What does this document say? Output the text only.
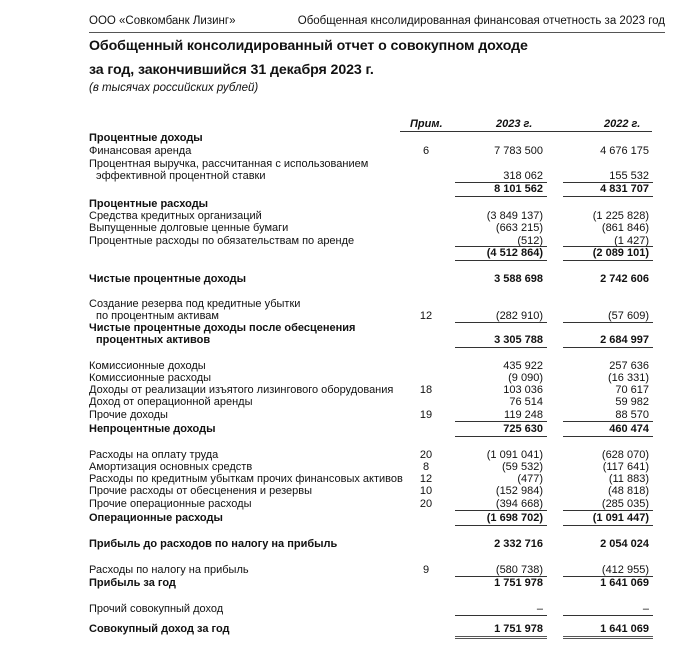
ООО «Совкомбанк Лизинг»	Обобщенная кнсолидированная финансовая отчетность за 2023 год
Обобщенный консолидированный отчет о совокупном доходе
за год, закончившийся 31 декабря 2023 г.
(в тысячах российских рублей)
Прим.	2023 г.	2022 г.
Процентные доходы
Финансовая аренда	6	7 783 500	4 676 175
Процентная выручка, рассчитанная с использованием
эффективной процентной ставки	318 062	155 532
8 101 562	4 831 707
Процентные расходы
Средства кредитных организаций	(3 849 137)	(1 225 828)
Выпущенные долговые ценные бумаги	(663 215)	(861 846)
Процентные расходы по обязательствам по аренде	(512)	(1 427)
(4 512 864)	(2 089 101)
Чистые процентные доходы	3 588 698	2 742 606
Создание резерва под кредитные убытки
по процентным активам	12	(282 910)	(57 609)
Чистые процентные доходы после обесценения
процентных активов	3 305 788	2 684 997
Комиссионные доходы	435 922	257 636
Комиссионные расходы	(9 090)	(16 331)
Доходы от реализации изъятого лизингового оборудования	18	103 036	70 617
Доход от операционной аренды	76 514	59 982
Прочие доходы	19	119 248	88 570
Непроцентные доходы	725 630	460 474
Расходы на оплату труда	20	(1 091 041)	(628 070)
Амортизация основных средств	8	(59 532)	(117 641)
Расходы по кредитным убыткам прочих финансовых активов	12	(477)	(11 883)
Прочие расходы от обесценения и резервы	10	(152 984)	(48 818)
Прочие операционные расходы	20	(394 668)	(285 035)
Операционные расходы	(1 698 702)	(1 091 447)
Прибыль до расходов по налогу на прибыль	2 332 716	2 054 024
Расходы по налогу на прибыль	9	(580 738)	(412 955)
Прибыль за год	1 751 978	1 641 069
Прочий совокупный доход	–	–
Совокупный доход за год	1 751 978	1 641 069
